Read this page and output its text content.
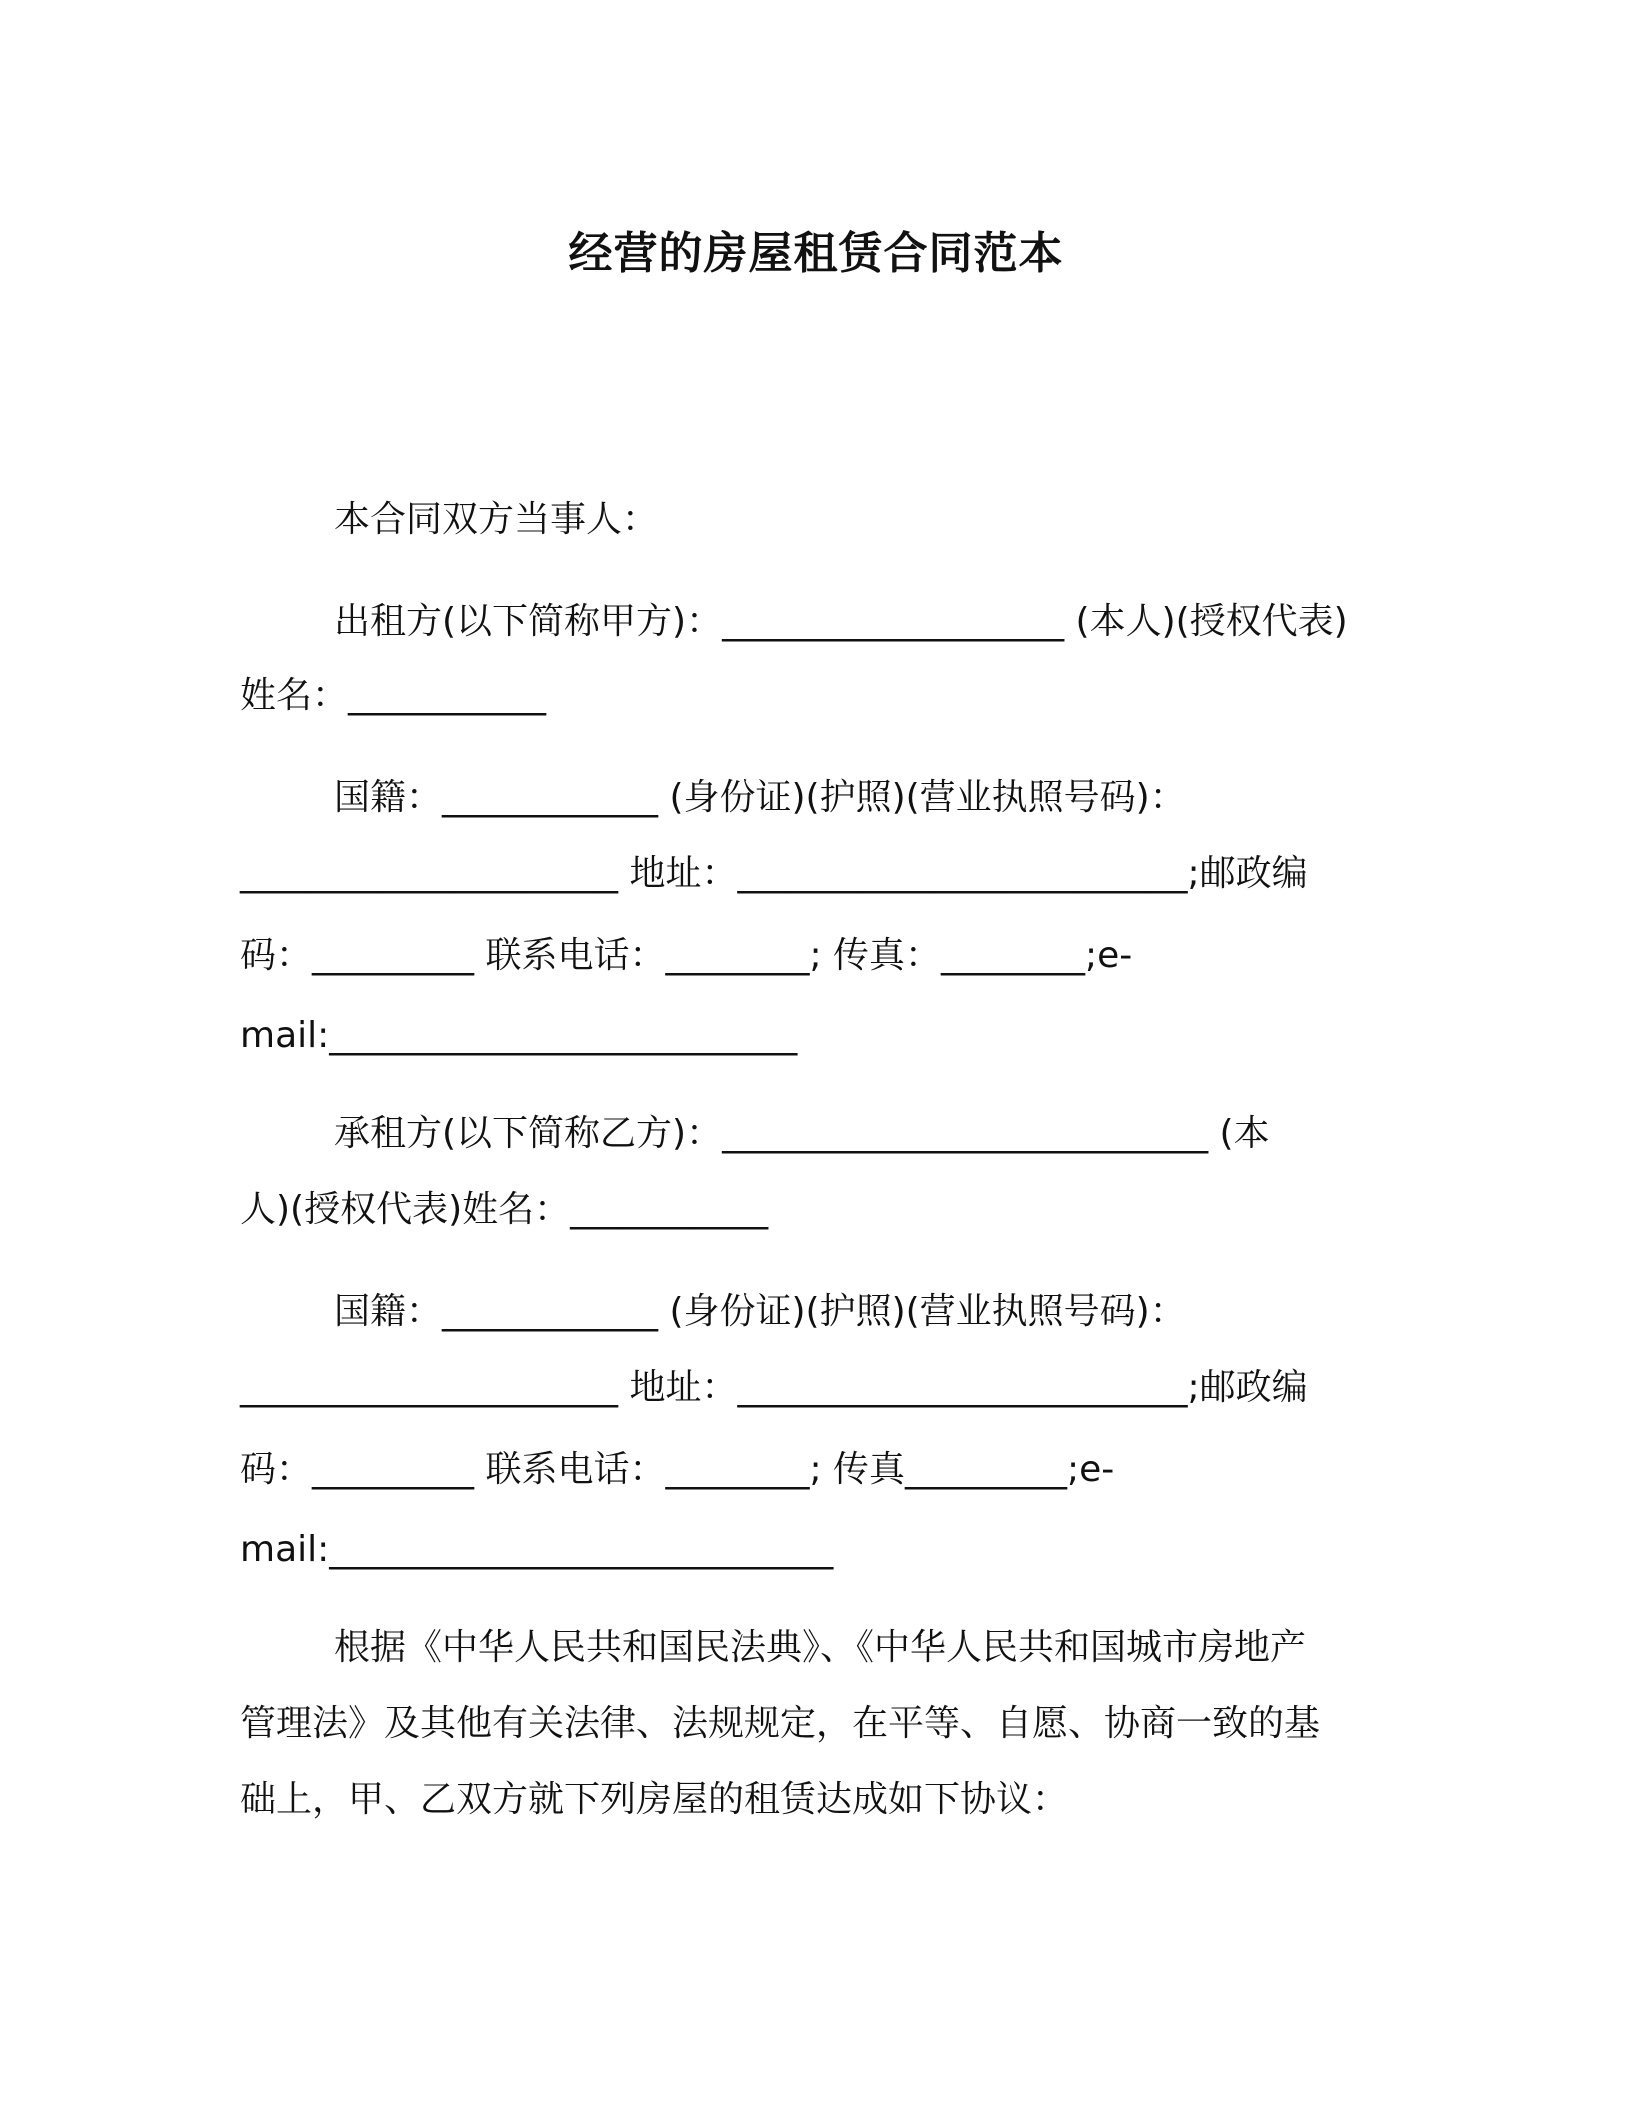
经营的房屋租赁合同范本
本合同双方当事人：
出租方(以下简称甲方)：___________________ (本人)(授权代表)
姓名：___________
国籍：____________ (身份证)(护照)(营业执照号码)：
_____________________ 地址：_________________________;邮政编
码：_________ 联系电话：________; 传真：________;e-
mail:__________________________
承租方(以下简称乙方)：___________________________ (本
人)(授权代表)姓名：___________
国籍：____________ (身份证)(护照)(营业执照号码)：
_____________________ 地址：_________________________;邮政编
码：_________ 联系电话：________; 传真_________;e-
mail:____________________________
根据《中华人民共和国民法典》、《中华人民共和国城市房地产
管理法》及其他有关法律、法规规定，在平等、自愿、协商一致的基
础上，甲、乙双方就下列房屋的租赁达成如下协议：
